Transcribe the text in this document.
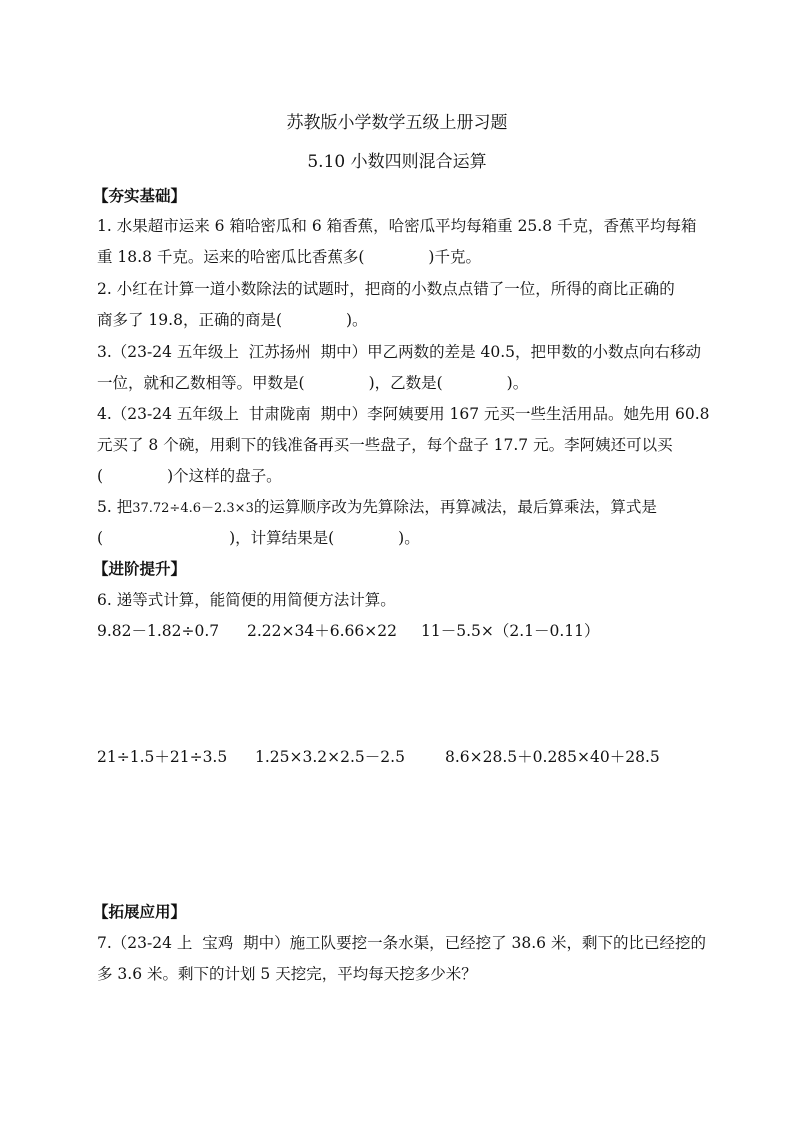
苏教版小学数学五级上册习题
5.10 小数四则混合运算
【夯实基础】
1. 水果超市运来 6 箱哈密瓜和 6 箱香蕉，哈密瓜平均每箱重 25.8 千克，香蕉平均每箱
重 18.8 千克。运来的哈密瓜比香蕉多(	)千克。
2. 小红在计算一道小数除法的试题时，把商的小数点点错了一位，所得的商比正确的
商多了 19.8，正确的商是(	)。
3.（23-24 五年级上  江苏扬州  期中）甲乙两数的差是 40.5，把甲数的小数点向右移动
一位，就和乙数相等。甲数是(	)，乙数是(	)。
4.（23-24 五年级上  甘肃陇南  期中）李阿姨要用 167 元买一些生活用品。她先用 60.8
元买了 8 个碗，用剩下的钱准备再买一些盘子，每个盘子 17.7 元。李阿姨还可以买
(	)个这样的盘子。
5. 把37.72÷4.6－2.3×3的运算顺序改为先算除法，再算减法，最后算乘法，算式是
(	)，计算结果是(	)。
【进阶提升】
6. 递等式计算，能简便的用简便方法计算。
9.82－1.82÷0.7 2.22×34＋6.66×22 11－5.5×（2.1－0.11）
21÷1.5＋21÷3.5 1.25×3.2×2.5－2.5	8.6×28.5＋0.285×40＋28.5
【拓展应用】
7.（23-24 上  宝鸡  期中）施工队要挖一条水渠，已经挖了 38.6 米，剩下的比已经挖的
多 3.6 米。剩下的计划 5 天挖完，平均每天挖多少米？
